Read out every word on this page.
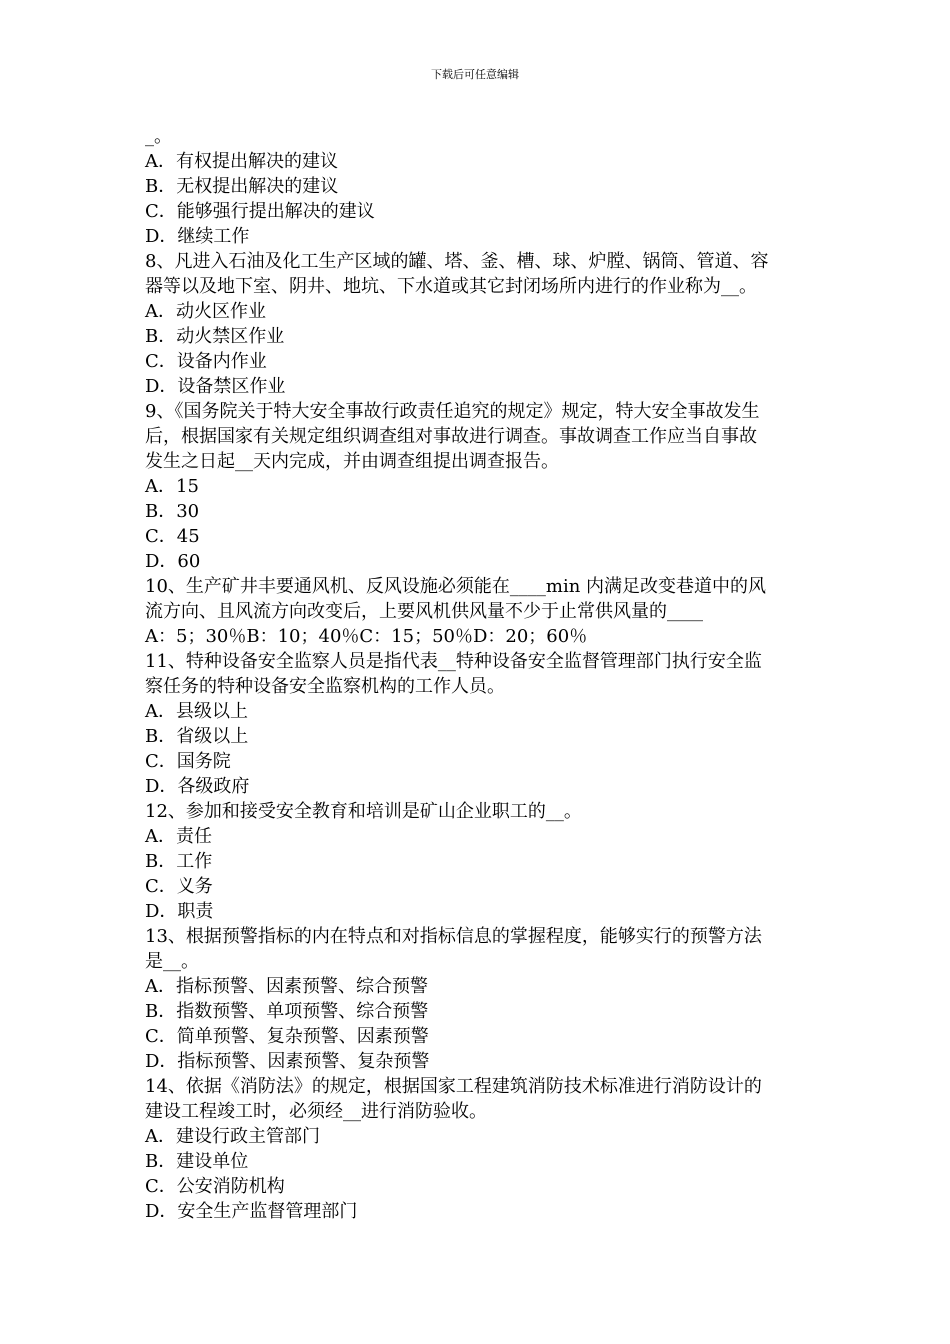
下载后可任意编辑

_。

A．有权提出解决的建议

B．无权提出解决的建议

C．能够强行提出解决的建议

D．继续工作

8、凡进入石油及化工生产区域的罐、塔、釜、槽、球、炉膛、锅筒、管道、容

器等以及地下室、阴井、地坑、下水道或其它封闭场所内进行的作业称为__。

A．动火区作业

B．动火禁区作业

C．设备内作业

D．设备禁区作业

9、《国务院关于特大安全事故行政责任追究的规定》规定，特大安全事故发生

后，根据国家有关规定组织调查组对事故进行调查。事故调查工作应当自事故

发生之日起__天内完成，并由调查组提出调查报告。

A．15

B．30

C．45

D．60

10、生产矿井丰要通风机、反风设施必须能在____min 内满足改变巷道中的风

流方向、且风流方向改变后，上要风机供风量不少于止常供风量的____

A：5；30％B：10；40％C：15；50％D：20；60％

11、特种设备安全监察人员是指代表__特种设备安全监督管理部门执行安全监

察任务的特种设备安全监察机构的工作人员。

A．县级以上

B．省级以上

C．国务院

D．各级政府

12、参加和接受安全教育和培训是矿山企业职工的__。

A．责任

B．工作

C．义务

D．职责

13、根据预警指标的内在特点和对指标信息的掌握程度，能够实行的预警方法

是__。

A．指标预警、因素预警、综合预警

B．指数预警、单项预警、综合预警

C．简单预警、复杂预警、因素预警

D．指标预警、因素预警、复杂预警

14、依据《消防法》的规定，根据国家工程建筑消防技术标准进行消防设计的

建设工程竣工时，必须经__进行消防验收。

A．建设行政主管部门

B．建设单位

C．公安消防机构

D．安全生产监督管理部门
